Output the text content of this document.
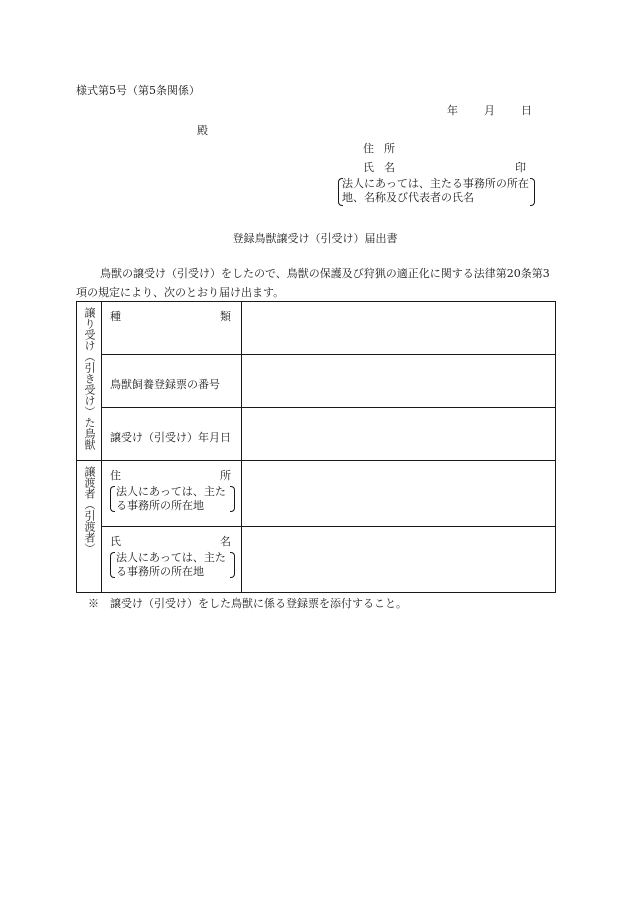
様式第5号（第5条関係）
年 月 日
殿
住所
氏名	印
法人にあっては、主たる事務所の所在地、名称及び代表者の氏名
登録鳥獣譲受け（引受け）届出書
鳥獣の譲受け（引受け）をしたので、鳥獣の保護及び狩猟の適正化に関する法律第20条第3項の規定により、次のとおり届け出ます。
譲り受け（引き受け）た鳥獣	種 類	

	鳥獣飼養登録票の番号	
	譲受け（引受け）年月日	

譲渡者（引渡者）	住 所
法人にあっては、主たる事務所の所在地	

	氏 名
法人にあっては、主たる事務所の所在地	

※　譲受け（引受け）をした鳥獣に係る登録票を添付すること。
